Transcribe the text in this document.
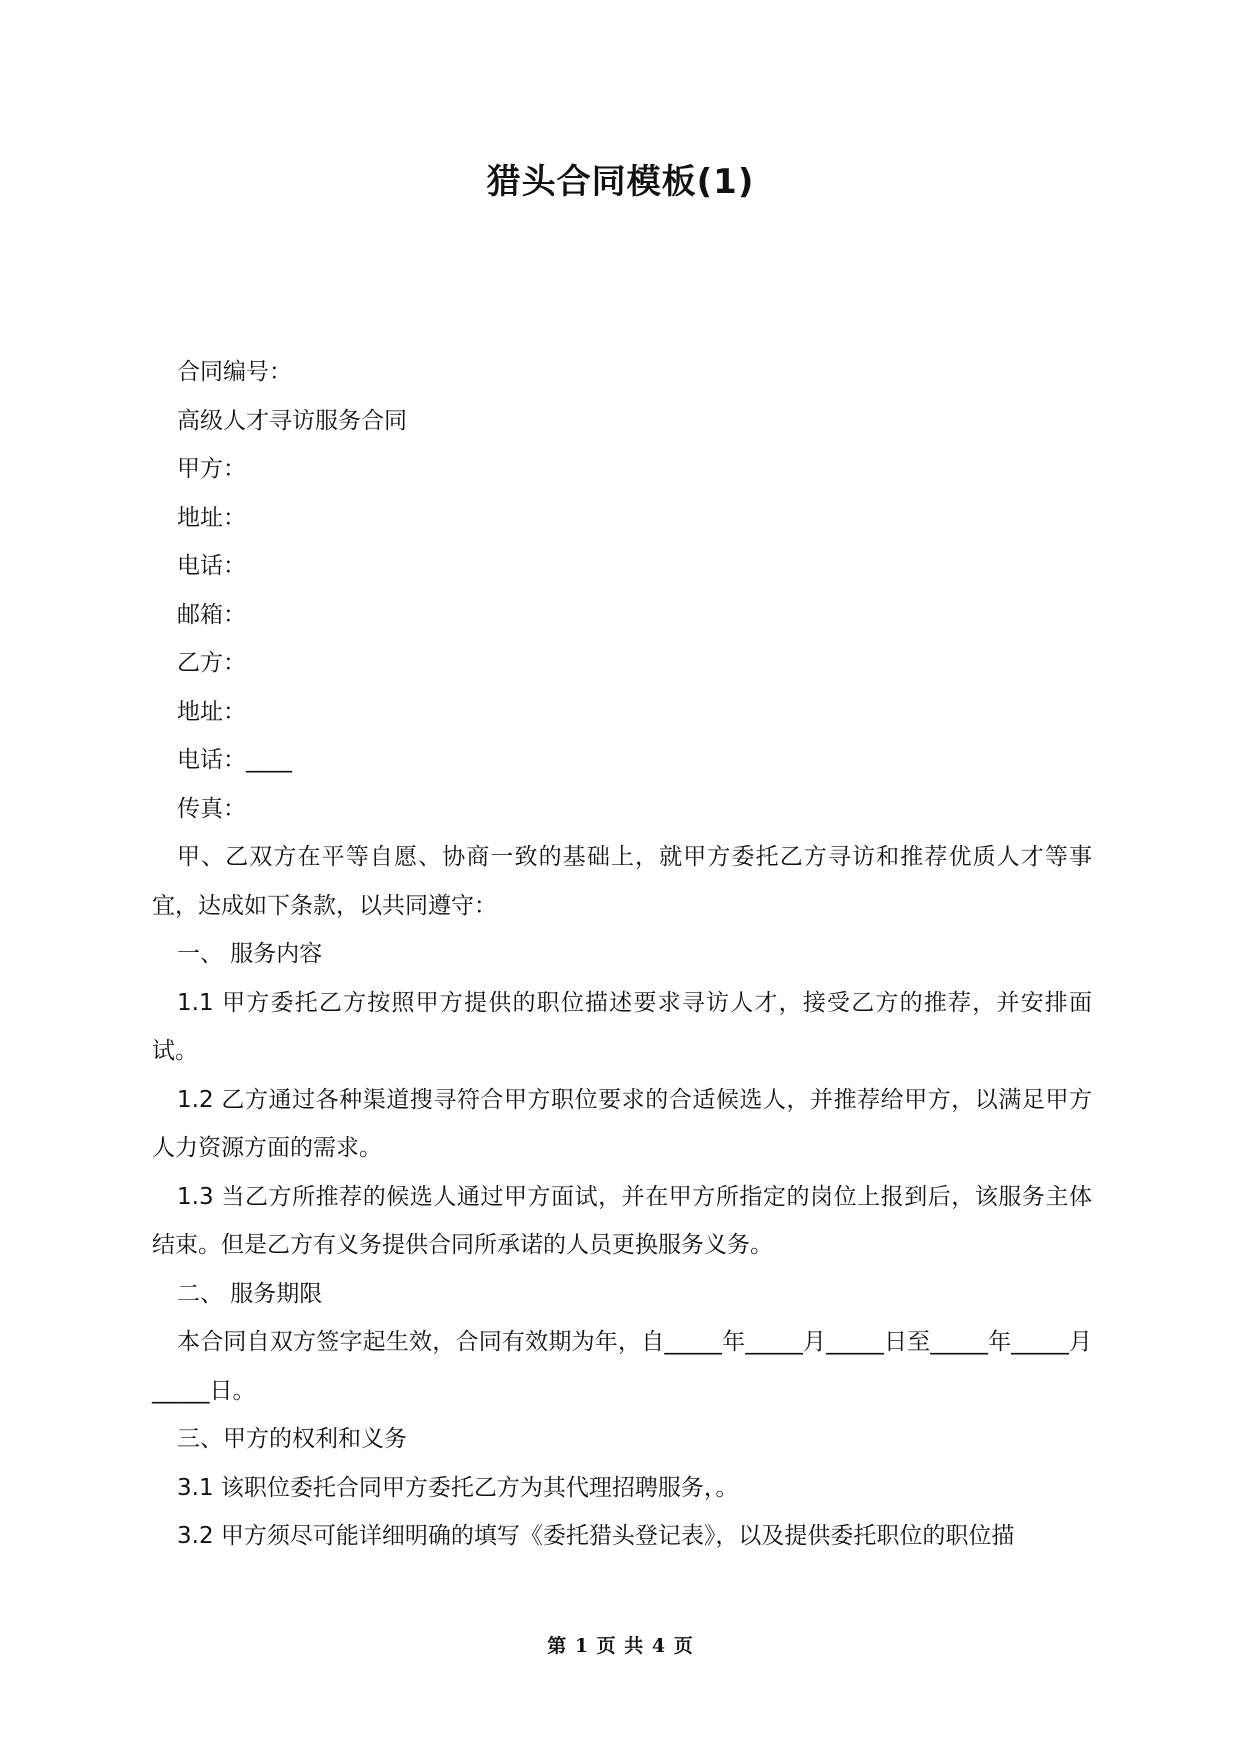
猎头合同模板(1)

合同编号：

高级人才寻访服务合同

甲方：

地址：

电话：

邮箱：

乙方：

地址：

电话：____

传真：

甲、乙双方在平等自愿、协商一致的基础上，就甲方委托乙方寻访和推荐优质人才等事宜，达成如下条款，以共同遵守：

一、 服务内容

1.1 甲方委托乙方按照甲方提供的职位描述要求寻访人才，接受乙方的推荐，并安排面试。

1.2 乙方通过各种渠道搜寻符合甲方职位要求的合适候选人，并推荐给甲方，以满足甲方人力资源方面的需求。

1.3 当乙方所推荐的候选人通过甲方面试，并在甲方所指定的岗位上报到后，该服务主体结束。但是乙方有义务提供合同所承诺的人员更换服务义务。

二、 服务期限

本合同自双方签字起生效，合同有效期为年，自_____年_____月_____日至_____年_____月_____日。

三、甲方的权利和义务

3.1 该职位委托合同甲方委托乙方为其代理招聘服务，。

3.2 甲方须尽可能详细明确的填写《委托猎头登记表》，以及提供委托职位的职位描

第 1 页 共 4 页
